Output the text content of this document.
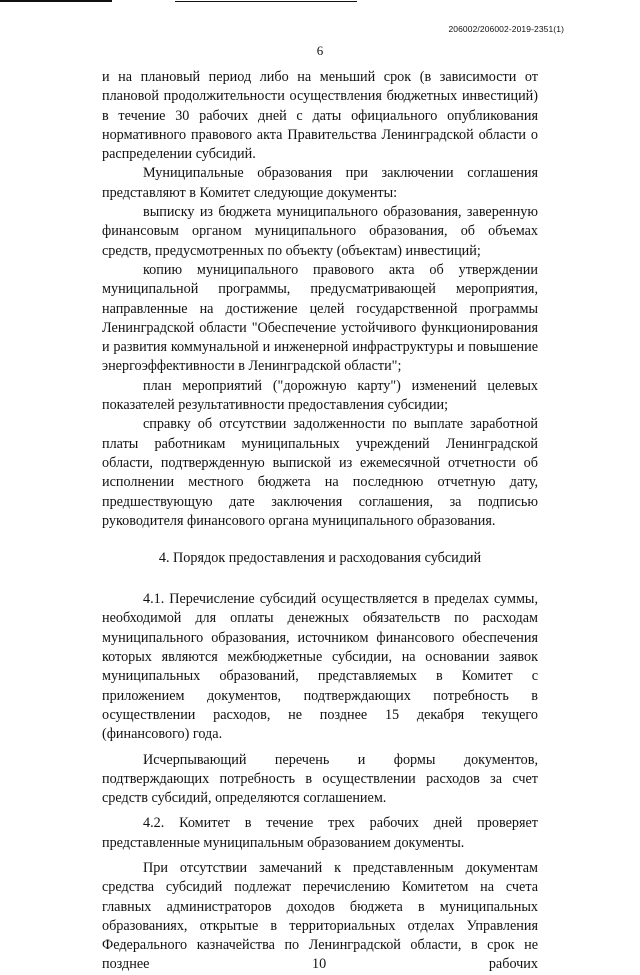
206002/206002-2019-2351(1)
6

и на плановый период либо на меньший срок (в зависимости от плановой продолжительности осуществления бюджетных инвестиций) в течение 30 рабочих дней с даты официального опубликования нормативного правового акта Правительства Ленинградской области о распределении субсидий.

Муниципальные образования при заключении соглашения представляют в Комитет следующие документы:

выписку из бюджета муниципального образования, заверенную финансовым органом муниципального образования, об объемах средств, предусмотренных по объекту (объектам) инвестиций;

копию муниципального правового акта об утверждении муниципальной программы, предусматривающей мероприятия, направленные на достижение целей государственной программы Ленинградской области "Обеспечение устойчивого функционирования и развития коммунальной и инженерной инфраструктуры и повышение энергоэффективности в Ленинградской области";

план мероприятий ("дорожную карту") изменений целевых показателей результативности предоставления субсидии;

справку об отсутствии задолженности по выплате заработной платы работникам муниципальных учреждений Ленинградской области, подтвержденную выпиской из ежемесячной отчетности об исполнении местного бюджета на последнюю отчетную дату, предшествующую дате заключения соглашения, за подписью руководителя финансового органа муниципального образования.

4. Порядок предоставления и расходования субсидий

4.1. Перечисление субсидий осуществляется в пределах суммы, необходимой для оплаты денежных обязательств по расходам муниципального образования, источником финансового обеспечения которых являются межбюджетные субсидии, на основании заявок муниципальных образований, представляемых в Комитет с приложением документов, подтверждающих потребность в осуществлении расходов, не позднее 15 декабря текущего (финансового) года.

Исчерпывающий перечень и формы документов, подтверждающих потребность в осуществлении расходов за счет средств субсидий, определяются соглашением.

4.2. Комитет в течение трех рабочих дней проверяет представленные муниципальным образованием документы.

При отсутствии замечаний к представленным документам средства субсидий подлежат перечислению Комитетом на счета главных администраторов доходов бюджета в муниципальных образованиях, открытые в территориальных отделах Управления Федерального казначейства по Ленинградской области, в срок не позднее 10 рабочих
